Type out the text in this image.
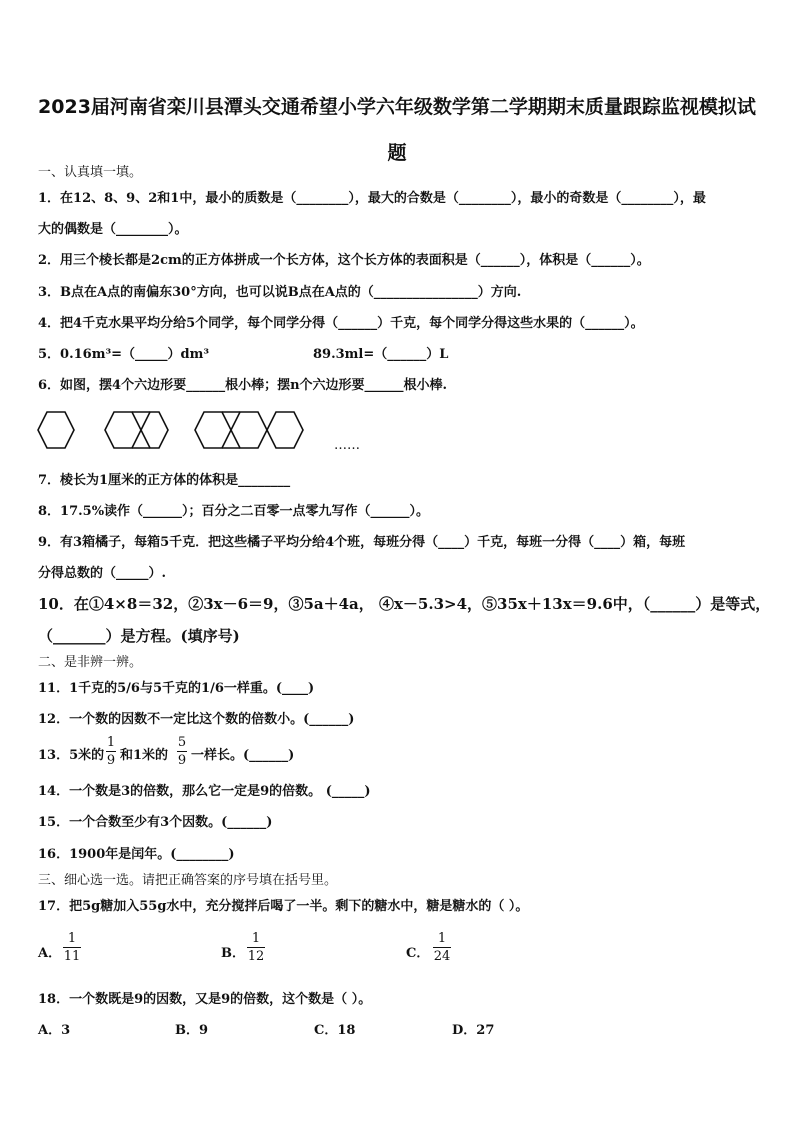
2023届河南省栾川县潭头交通希望小学六年级数学第二学期期末质量跟踪监视模拟试题
一、认真填一填。
1．在12、8、9、2和1中，最小的质数是（________），最大的合数是（________），最小的奇数是（________），最
大的偶数是（________）。
2．用三个棱长都是2cm的正方体拼成一个长方体，这个长方体的表面积是（______），体积是（______）。
3．B点在A点的南偏东30°方向，也可以说B点在A点的（________________）方向.
4．把4千克水果平均分给5个同学，每个同学分得（______）千克，每个同学分得这些水果的（______）。
5．0.16m³=（_____）dm³	89.3ml=（______）L
6．如图，摆4个六边形要______根小棒；摆n个六边形要______根小棒.
……
7．棱长为1厘米的正方体的体积是________
8．17.5%读作（______）；百分之二百零一点零九写作（______）。
9．有3箱橘子，每箱5千克．把这些橘子平均分给4个班，每班分得（____）千克，每班一分得（____）箱，每班
分得总数的（_____）.
10．在①4×8＝32，②3x－6＝9，③5a＋4a， ④x－5.3>4，⑤35x＋13x＝9.6中，（______）是等式，
（_______）是方程。(填序号)
二、是非辨一辨。
11．1千克的5/6与5千克的1/6一样重。(____)
12．一个数的因数不一定比这个数的倍数小。(______)
13．5米的
1
9 和1米的
5
9 一样长。(______)
14．一个数是3的倍数，那么它一定是9的倍数。 (_____)
15．一个合数至少有3个因数。(______)
16．1900年是闰年。(________)
三、细心选一选。请把正确答案的序号填在括号里。
17．把5g糖加入55g水中，充分搅拌后喝了一半。剩下的糖水中，糖是糖水的（ ）。
A．
1
11	B．
1
12	C．
1
24
18．一个数既是9的因数，又是9的倍数，这个数是（ ）。
A．3	B．9	C．18	D．27
